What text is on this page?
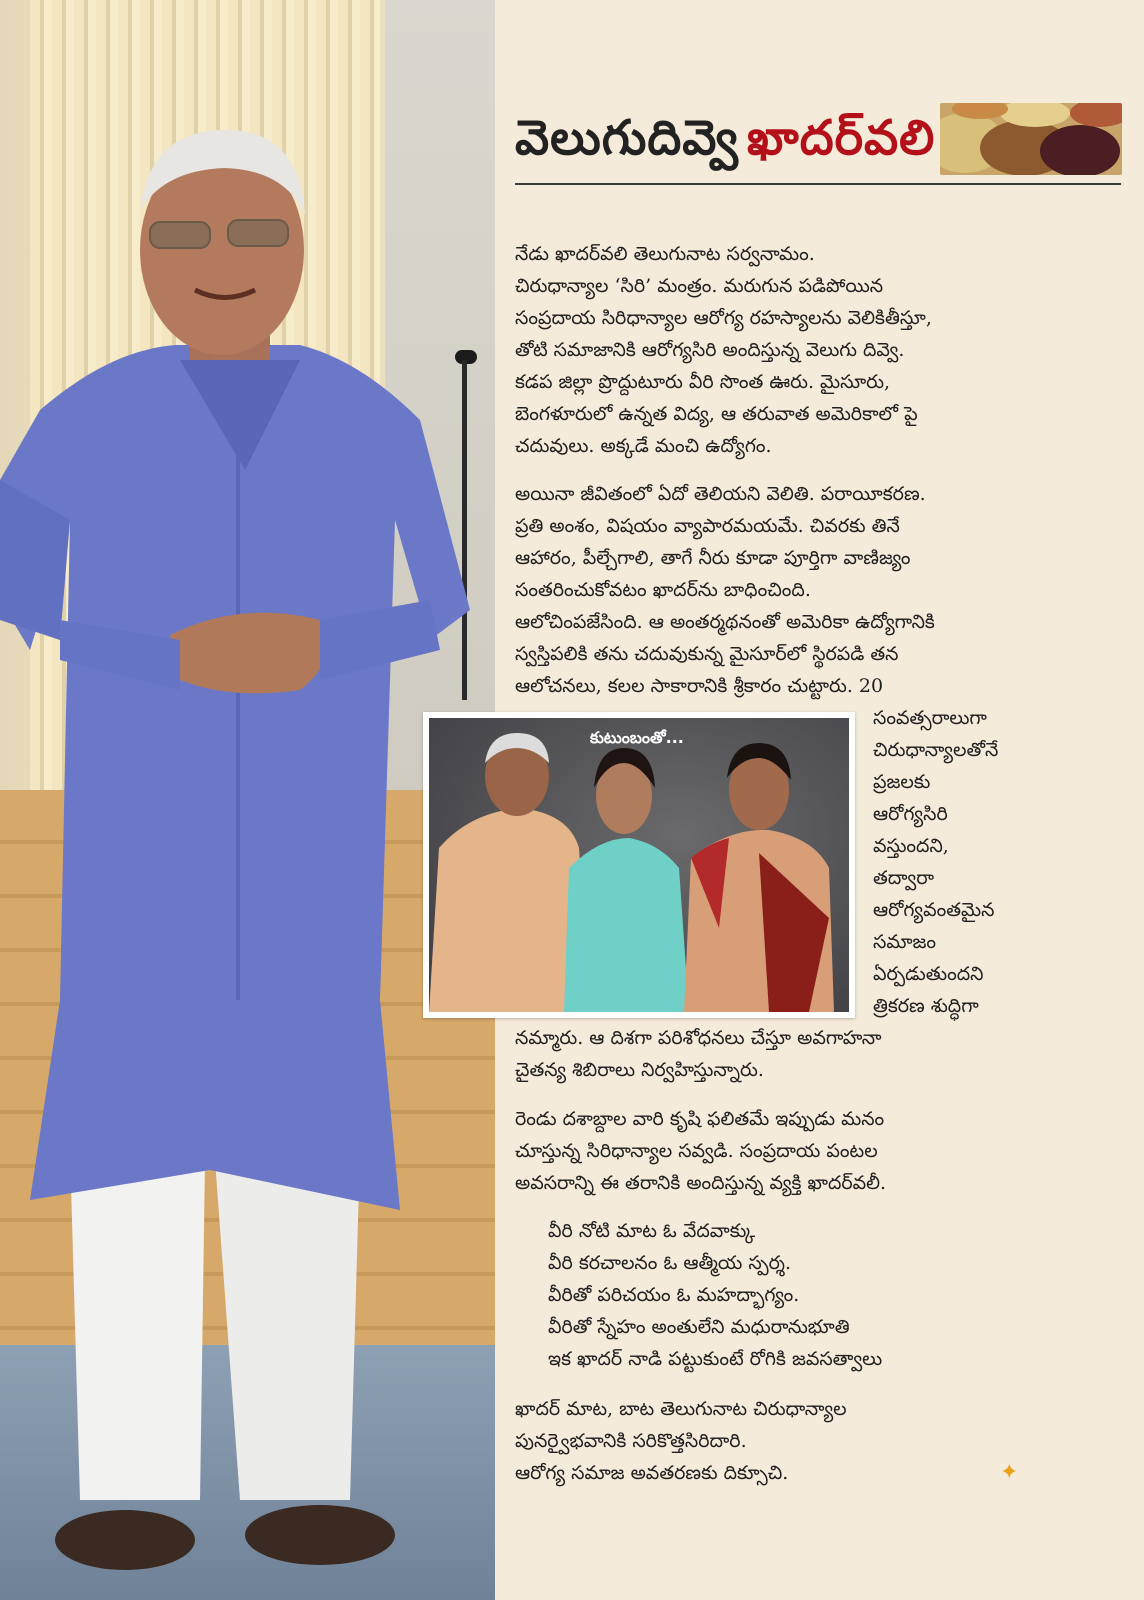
వెలుగుదివ్వె ఖాదర్‌వలి
నేడు ఖాదర్‌వలి తెలుగునాట సర్వనామం.
చిరుధాన్యాల ‘సిరి’ మంత్రం. మరుగున పడిపోయిన
సంప్రదాయ సిరిధాన్యాల ఆరోగ్య రహస్యాలను వెలికితీస్తూ,
తోటి సమాజానికి ఆరోగ్యసిరి అందిస్తున్న వెలుగు దివ్వె.
కడప జిల్లా ప్రొద్దుటూరు వీరి సొంత ఊరు. మైసూరు,
బెంగళూరులో ఉన్నత విద్య, ఆ తరువాత అమెరికాలో పై
చదువులు. అక్కడే మంచి ఉద్యోగం.
అయినా జీవితంలో ఏదో తెలియని వెలితి. పరాయీకరణ.
ప్రతి అంశం, విషయం వ్యాపారమయమే. చివరకు తినే
ఆహారం, పీల్చేగాలి, తాగే నీరు కూడా పూర్తిగా వాణిజ్యం
సంతరించుకోవటం ఖాదర్‌ను బాధించింది.
ఆలోచింపజేసింది. ఆ అంతర్మథనంతో అమెరికా ఉద్యోగానికి
స్వస్తిపలికి తను చదువుకున్న మైసూర్‌లో స్థిరపడి తన
ఆలోచనలు, కలల సాకారానికి శ్రీకారం చుట్టారు. 20
సంవత్సరాలుగా
చిరుధాన్యాలతోనే
ప్రజలకు
ఆరోగ్యసిరి
వస్తుందని,
తద్వారా
ఆరోగ్యవంతమైన
సమాజం
ఏర్పడుతుందని
త్రికరణ శుద్ధిగా
నమ్మారు. ఆ దిశగా పరిశోధనలు చేస్తూ అవగాహనా
చైతన్య శిబిరాలు నిర్వహిస్తున్నారు.
కుటుంబంతో...
రెండు దశాబ్దాల వారి కృషి ఫలితమే ఇప్పుడు మనం
చూస్తున్న సిరిధాన్యాల సవ్వడి. సంప్రదాయ పంటల
అవసరాన్ని ఈ తరానికి అందిస్తున్న వ్యక్తి ఖాదర్‌వలీ.
వీరి నోటి మాట ఓ వేదవాక్కు
వీరి కరచాలనం ఓ ఆత్మీయ స్పర్శ.
వీరితో పరిచయం ఓ మహద్భాగ్యం.
వీరితో స్నేహం అంతులేని మధురానుభూతి
ఇక ఖాదర్ నాడి పట్టుకుంటే రోగికి జవసత్వాలు
ఖాదర్ మాట, బాట తెలుగునాట చిరుధాన్యాల
పునర్వైభవానికి సరికొత్తసిరిదారి.
ఆరోగ్య సమాజ అవతరణకు దిక్సూచి.	✦
